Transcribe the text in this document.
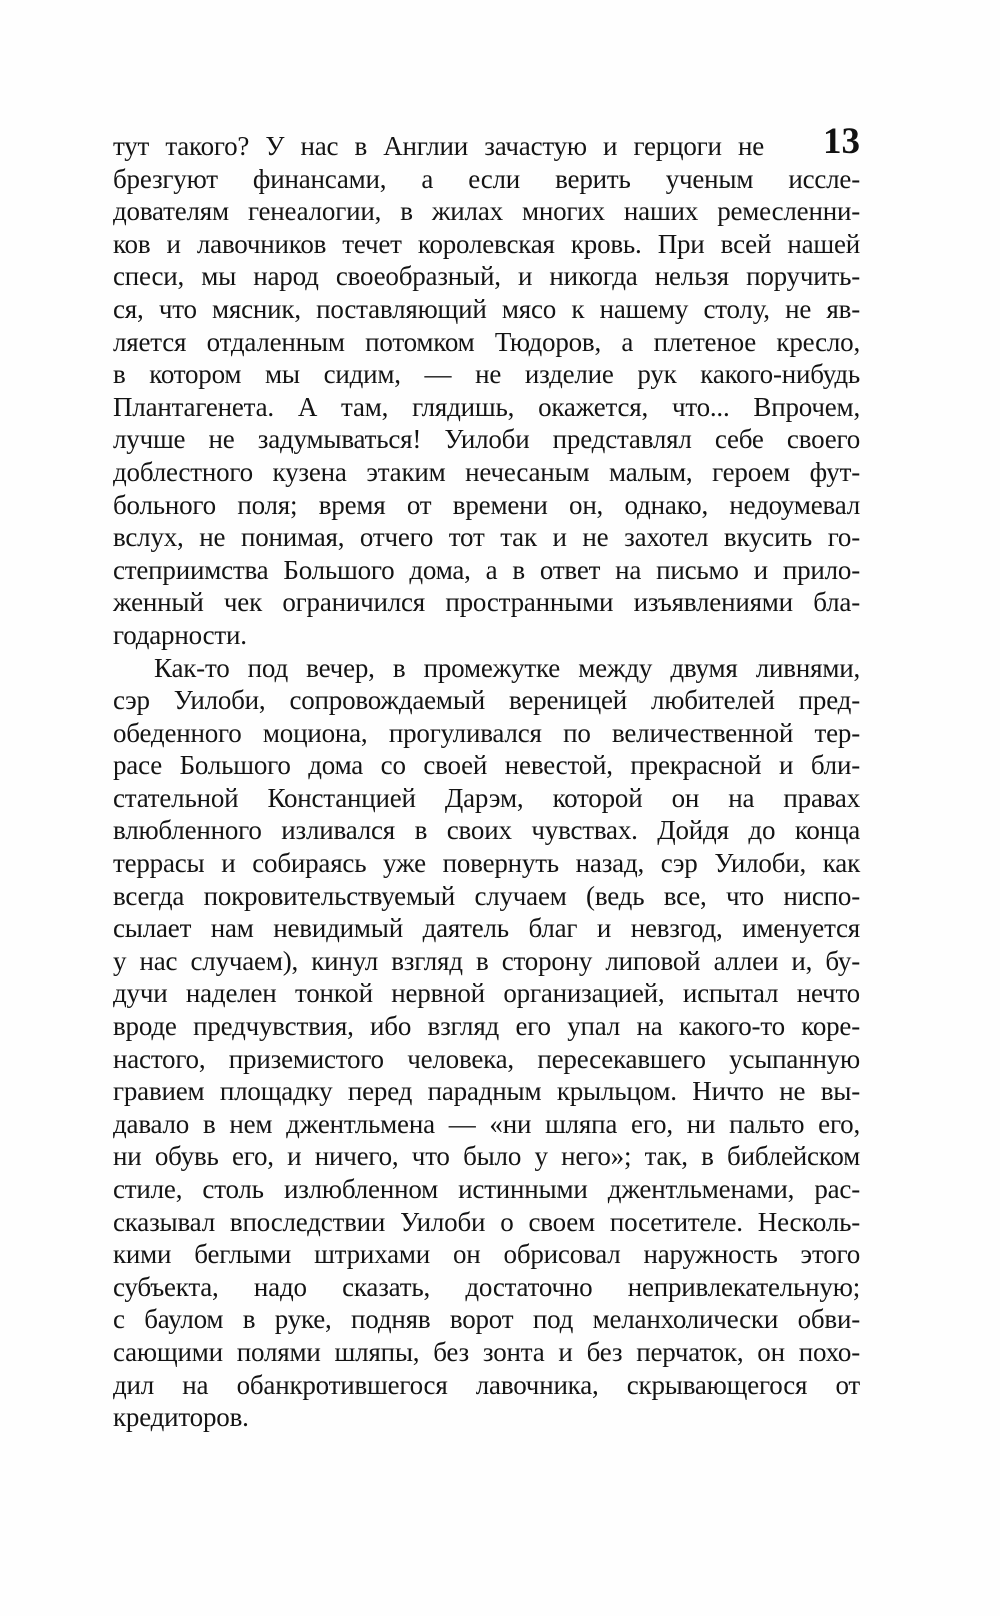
13
тут такого? У нас в Англии зачастую и герцоги не
брезгуют финансами, а если верить ученым иссле-
дователям генеалогии, в жилах многих наших ремесленни-
ков и лавочников течет королевская кровь. При всей нашей
спеси, мы народ своеобразный, и никогда нельзя поручить-
ся, что мясник, поставляющий мясо к нашему столу, не яв-
ляется отдаленным потомком Тюдоров, а плетеное кресло,
в котором мы сидим, — не изделие рук какого-нибудь
Плантагенета. А там, глядишь, окажется, что... Впрочем,
лучше не задумываться! Уилоби представлял себе своего
доблестного кузена этаким нечесаным малым, героем фут-
больного поля; время от времени он, однако, недоумевал
вслух, не понимая, отчего тот так и не захотел вкусить го-
степриимства Большого дома, а в ответ на письмо и прило-
женный чек ограничился пространными изъявлениями бла-
годарности.
Как-то под вечер, в промежутке между двумя ливнями,
сэр Уилоби, сопровождаемый вереницей любителей пред-
обеденного моциона, прогуливался по величественной тер-
расе Большого дома со своей невестой, прекрасной и бли-
стательной Констанцией Дарэм, которой он на правах
влюбленного изливался в своих чувствах. Дойдя до конца
террасы и собираясь уже повернуть назад, сэр Уилоби, как
всегда покровительствуемый случаем (ведь все, что ниспо-
сылает нам невидимый даятель благ и невзгод, именуется
у нас случаем), кинул взгляд в сторону липовой аллеи и, бу-
дучи наделен тонкой нервной организацией, испытал нечто
вроде предчувствия, ибо взгляд его упал на какого-то коре-
настого, приземистого человека, пересекавшего усыпанную
гравием площадку перед парадным крыльцом. Ничто не вы-
давало в нем джентльмена — «ни шляпа его, ни пальто его,
ни обувь его, и ничего, что было у него»; так, в библейском
стиле, столь излюбленном истинными джентльменами, рас-
сказывал впоследствии Уилоби о своем посетителе. Несколь-
кими беглыми штрихами он обрисовал наружность этого
субъекта, надо сказать, достаточно непривлекательную;
с баулом в руке, подняв ворот под меланхолически обви-
сающими полями шляпы, без зонта и без перчаток, он похо-
дил на обанкротившегося лавочника, скрывающегося от
кредиторов.
